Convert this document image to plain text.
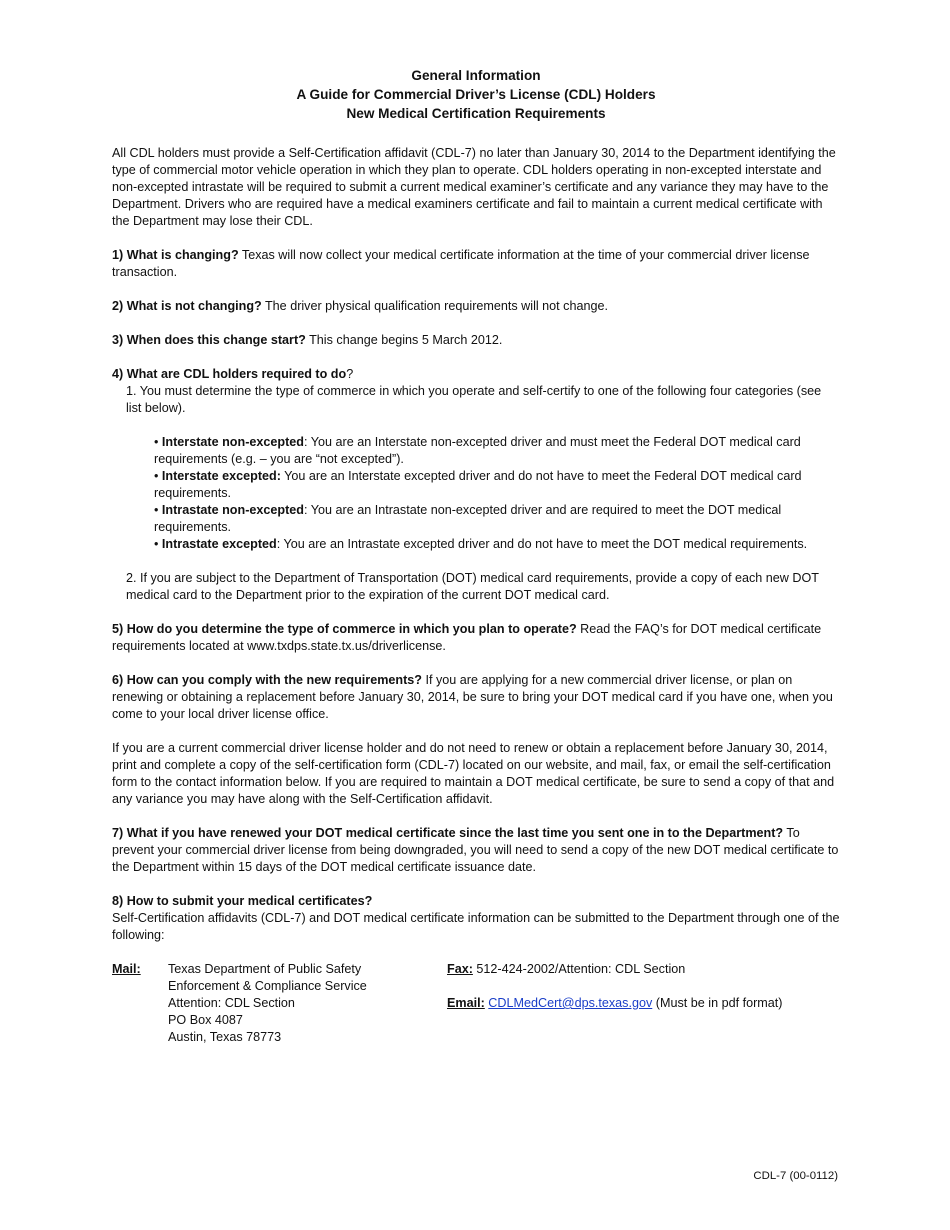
General Information

A Guide for Commercial Driver’s License (CDL) Holders

New Medical Certification Requirements

All CDL holders must provide a Self-Certification affidavit (CDL-7) no later than January 30, 2014 to the Department identifying the type of commercial motor vehicle operation in which they plan to operate. CDL holders operating in non-excepted interstate and non-excepted intrastate will be required to submit a current medical examiner’s certificate and any variance they may have to the Department. Drivers who are required have a medical examiners certificate and fail to maintain a current medical certificate with the Department may lose their CDL.

1) What is changing? Texas will now collect your medical certificate information at the time of your commercial driver license transaction.

2) What is not changing? The driver physical qualification requirements will not change.

3) When does this change start? This change begins 5 March 2012.

4) What are CDL holders required to do?

1. You must determine the type of commerce in which you operate and self-certify to one of the following four categories (see list below).

• Interstate non-excepted: You are an Interstate non-excepted driver and must meet the Federal DOT medical card requirements (e.g. – you are “not excepted”).

• Interstate excepted: You are an Interstate excepted driver and do not have to meet the Federal DOT medical card requirements.

• Intrastate non-excepted: You are an Intrastate non-excepted driver and are required to meet the DOT medical requirements.

• Intrastate excepted: You are an Intrastate excepted driver and do not have to meet the DOT medical requirements.

2. If you are subject to the Department of Transportation (DOT) medical card requirements, provide a copy of each new DOT medical card to the Department prior to the expiration of the current DOT medical card.

5) How do you determine the type of commerce in which you plan to operate? Read the FAQ’s for DOT medical certificate requirements located at www.txdps.state.tx.us/driverlicense.

6) How can you comply with the new requirements? If you are applying for a new commercial driver license, or plan on renewing or obtaining a replacement before January 30, 2014, be sure to bring your DOT medical card if you have one, when you come to your local driver license office.

If you are a current commercial driver license holder and do not need to renew or obtain a replacement before January 30, 2014, print and complete a copy of the self-certification form (CDL-7) located on our website, and mail, fax, or email the self-certification form to the contact information below. If you are required to maintain a DOT medical certificate, be sure to send a copy of that and any variance you may have along with the Self-Certification affidavit.

7) What if you have renewed your DOT medical certificate since the last time you sent one in to the Department? To prevent your commercial driver license from being downgraded, you will need to send a copy of the new DOT medical certificate to the Department within 15 days of the DOT medical certificate issuance date.

8) How to submit your medical certificates?

Self-Certification affidavits (CDL-7) and DOT medical certificate information can be submitted to the Department through one of the following:

Mail: Texas Department of Public Safety

Enforcement & Compliance Service

Attention: CDL Section

PO Box 4087

Austin, Texas 78773

Fax: 512-424-2002/Attention: CDL Section
Email: CDLMedCert@dps.texas.gov (Must be in pdf format)
CDL-7 (00-0112)
